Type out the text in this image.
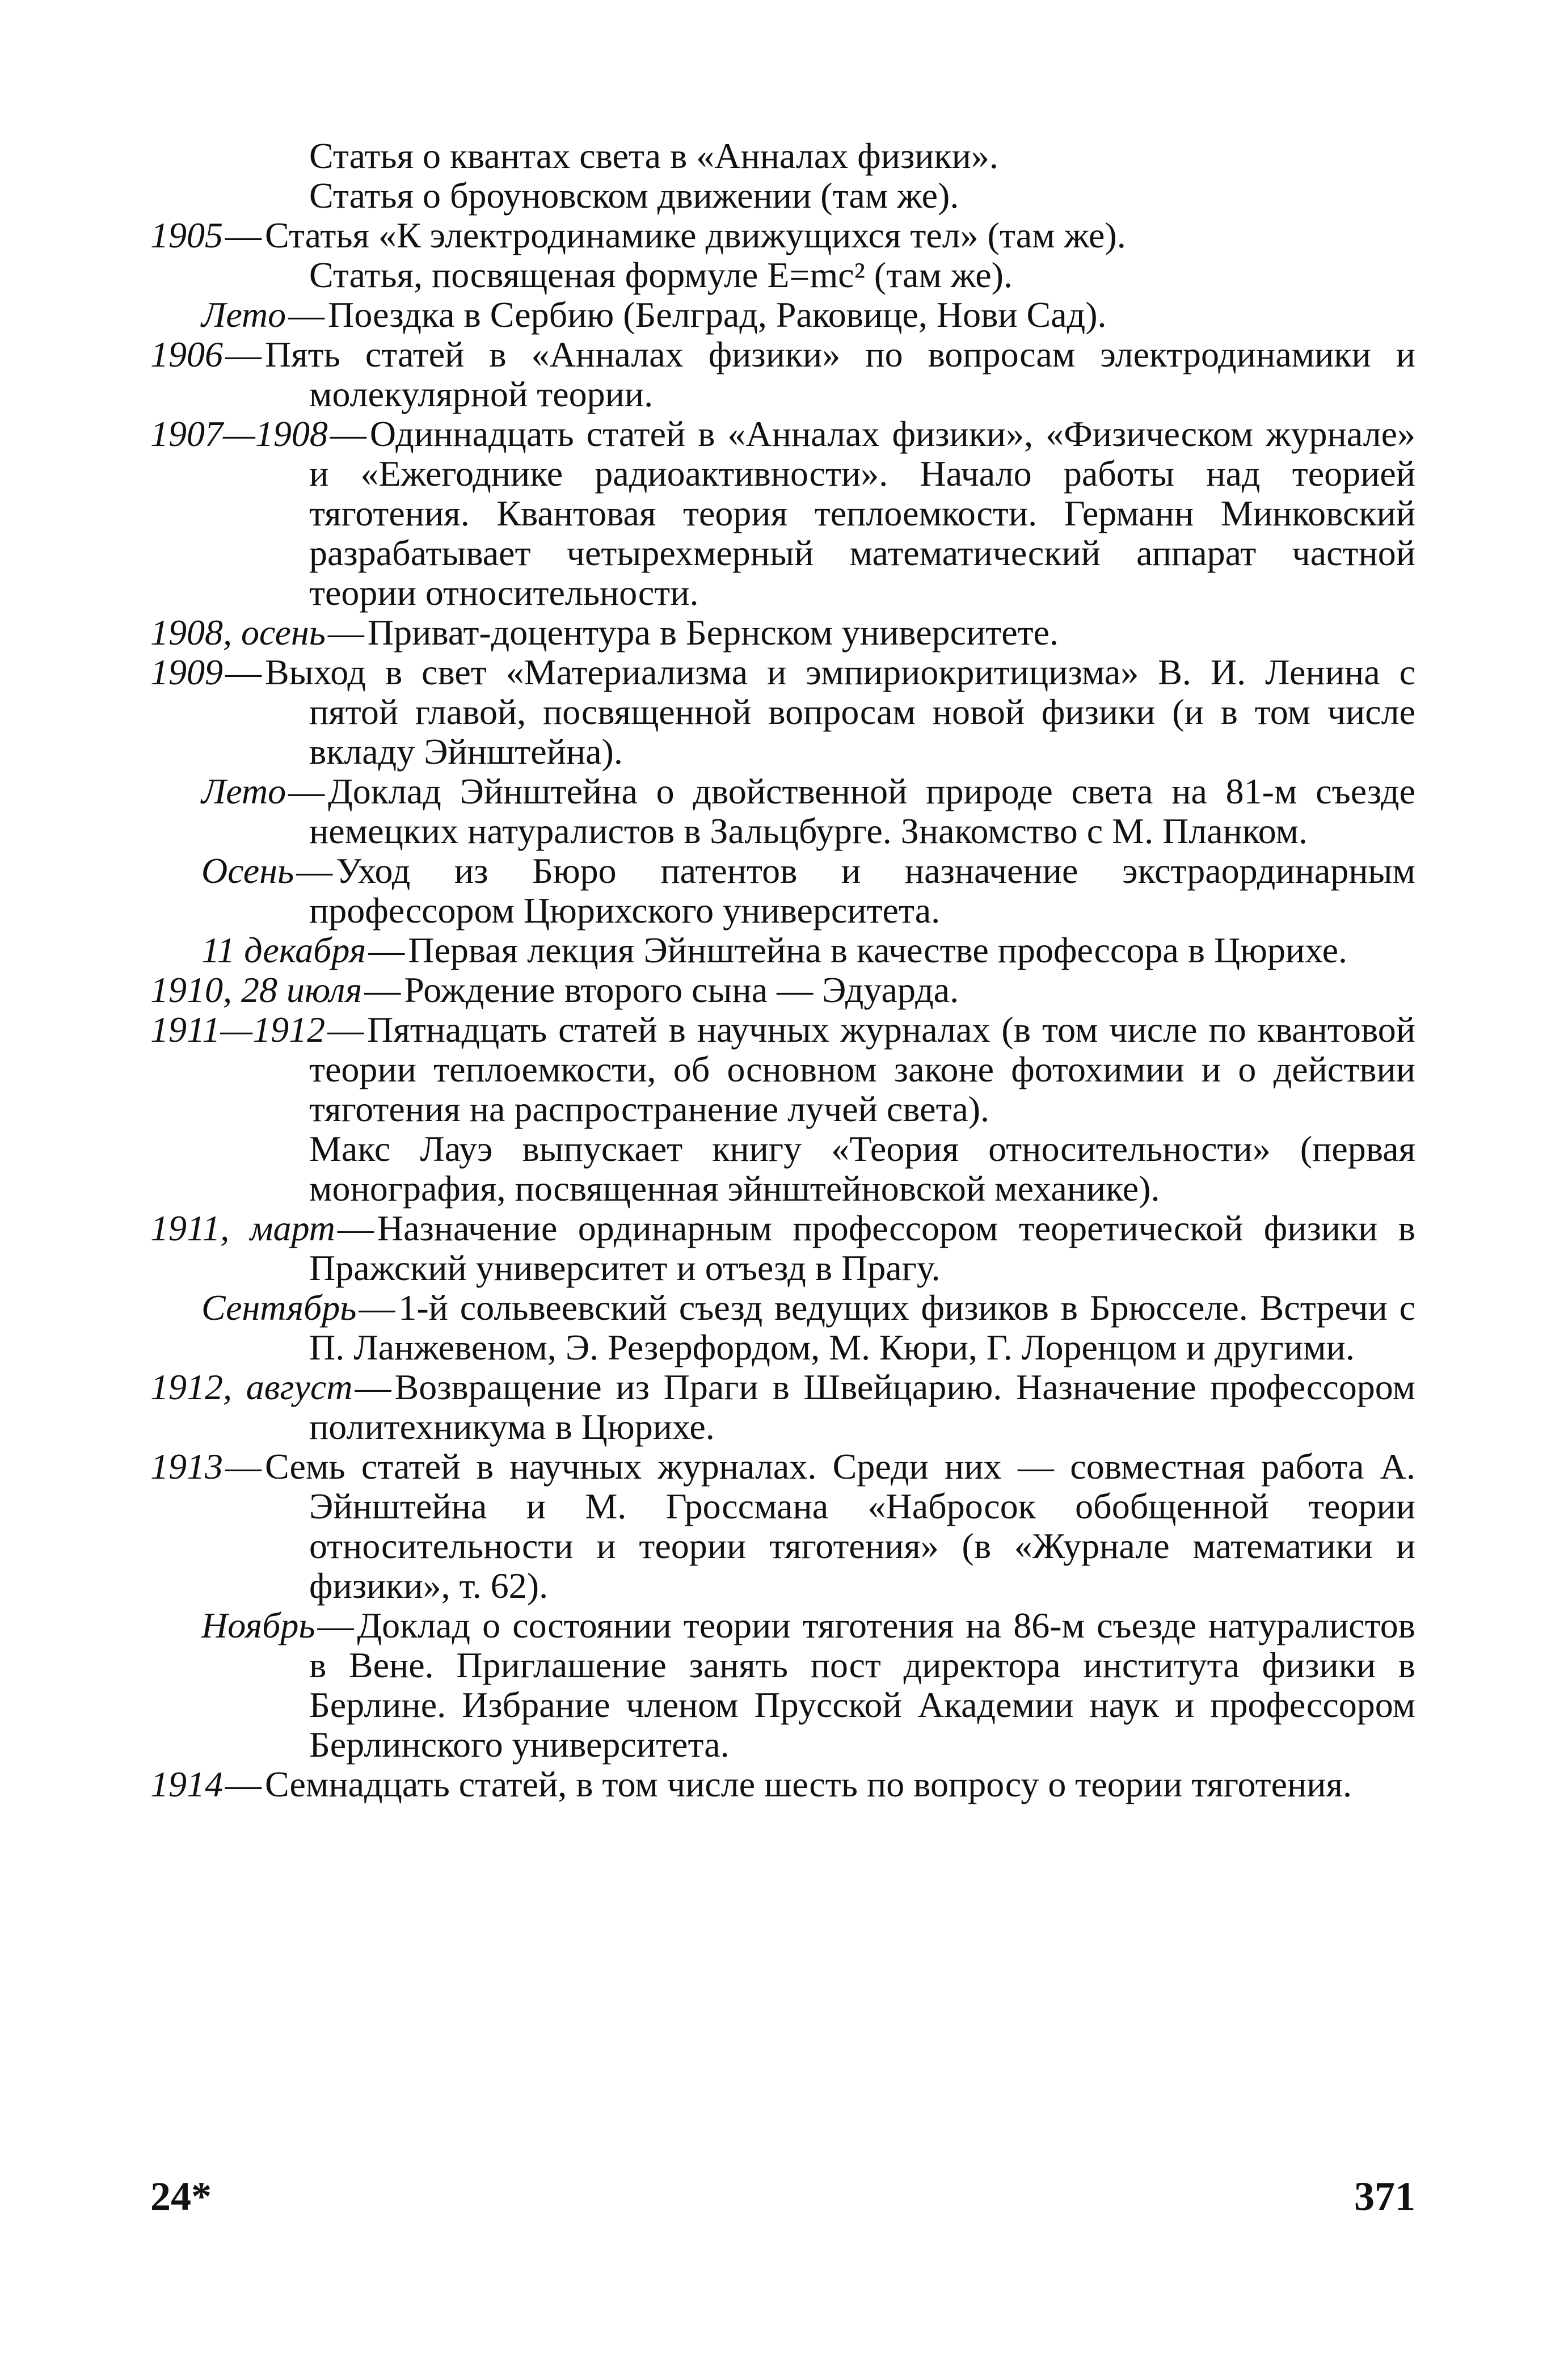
Статья о квантах света в «Анналах физики».

Статья о броуновском движении (там же).

1905—Статья «К электродинамике движущихся тел» (там же).

Статья, посвященая формуле E=mc² (там же).

Лето—Поездка в Сербию (Белград, Раковице, Нови Сад).

1906—Пять статей в «Анналах физики» по вопросам электродинамики и молекулярной теории.

1907—1908—Одиннадцать статей в «Анналах физики», «Физическом журнале» и «Ежегоднике радиоактивности». Начало работы над теорией тяготения. Квантовая теория теплоемкости. Германн Минковский разрабатывает четырехмерный математический аппарат частной теории относительности.

1908, осень—Приват-доцентура в Бернском университете.

1909—Выход в свет «Материализма и эмпириокритицизма» В. И. Ленина с пятой главой, посвященной вопросам новой физики (и в том числе вкладу Эйнштейна).

Лето—Доклад Эйнштейна о двойственной природе света на 81-м съезде немецких натуралистов в Зальцбурге. Знакомство с М. Планком.

Осень—Уход из Бюро патентов и назначение экстраординарным профессором Цюрихского университета.

11 декабря—Первая лекция Эйнштейна в качестве профессора в Цюрихе.

1910, 28 июля—Рождение второго сына — Эдуарда.

1911—1912—Пятнадцать статей в научных журналах (в том числе по квантовой теории теплоемкости, об основном законе фотохимии и о действии тяготения на распространение лучей света).

Макс Лауэ выпускает книгу «Теория относительности» (первая монография, посвященная эйнштейновской механике).

1911, март—Назначение ординарным профессором теоретической физики в Пражский университет и отъезд в Прагу.

Сентябрь—1-й сольвеевский съезд ведущих физиков в Брюсселе. Встречи с П. Ланжевеном, Э. Резерфордом, М. Кюри, Г. Лоренцом и другими.

1912, август—Возвращение из Праги в Швейцарию. Назначение профессором политехникума в Цюрихе.

1913—Семь статей в научных журналах. Среди них — совместная работа А. Эйнштейна и М. Гроссмана «Набросок обобщенной теории относительности и теории тяготения» (в «Журнале математики и физики», т. 62).

Ноябрь—Доклад о состоянии теории тяготения на 86-м съезде натуралистов в Вене. Приглашение занять пост директора института физики в Берлине. Избрание членом Прусской Академии наук и профессором Берлинского университета.

1914—Семнадцать статей, в том числе шесть по вопросу о теории тяготения.

24*	371
